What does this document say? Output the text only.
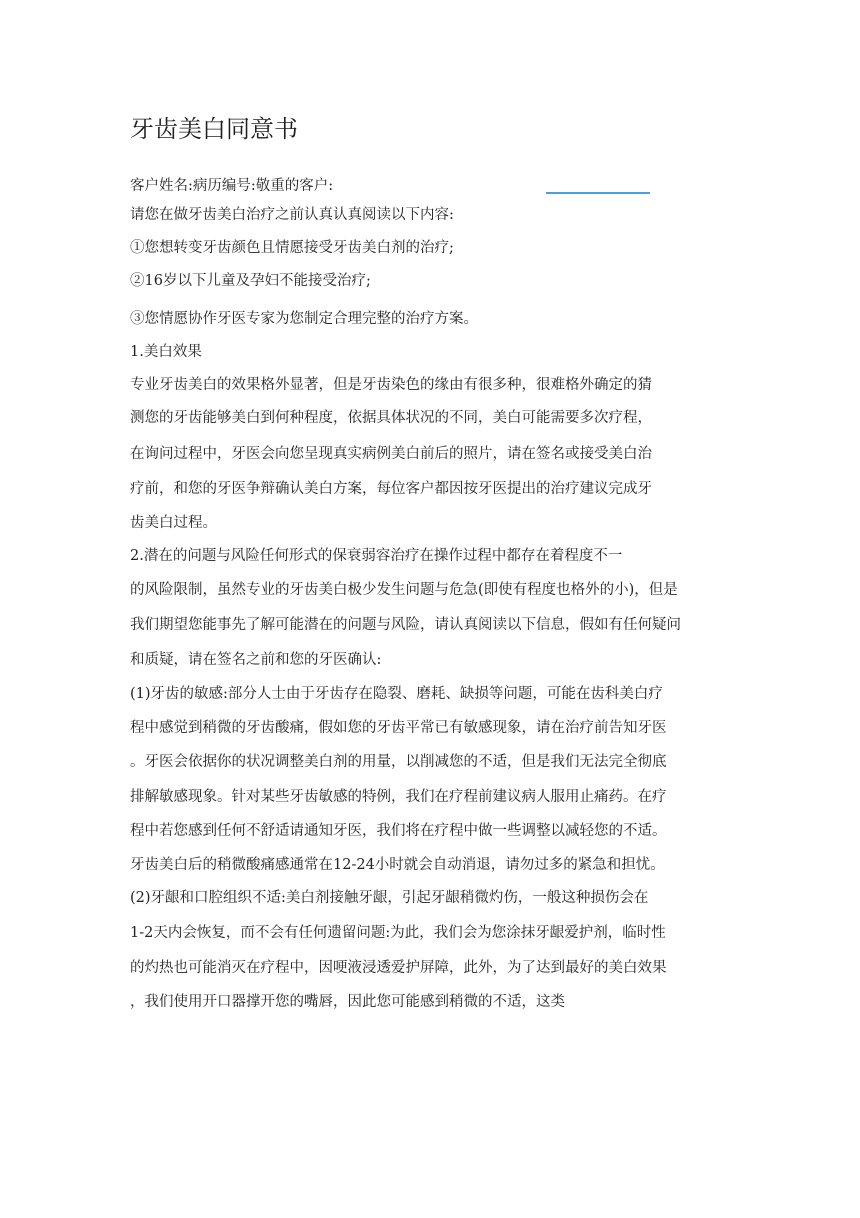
牙齿美白同意书
客户姓名:病历编号:敬重的客户:
请您在做牙齿美白治疗之前认真认真阅读以下内容:
①您想转变牙齿颜色且情愿接受牙齿美白剂的治疗;
②16岁以下儿童及孕妇不能接受治疗;
③您情愿协作牙医专家为您制定合理完整的治疗方案。
1.美白效果
专业牙齿美白的效果格外显著，但是牙齿染色的缘由有很多种，很难格外确定的猜
测您的牙齿能够美白到何种程度，依据具体状况的不同，美白可能需要多次疗程，
在询问过程中，牙医会向您呈现真实病例美白前后的照片，请在签名或接受美白治
疗前，和您的牙医争辩确认美白方案，每位客户都因按牙医提出的治疗建议完成牙
齿美白过程。
2.潜在的问题与风险任何形式的保衰弱容治疗在操作过程中都存在着程度不一
的风险限制，虽然专业的牙齿美白极少发生问题与危急(即使有程度也格外的小)，但是
我们期望您能事先了解可能潜在的问题与风险，请认真阅读以下信息，假如有任何疑问
和质疑，请在签名之前和您的牙医确认:
(1)牙齿的敏感:部分人士由于牙齿存在隐裂、磨耗、缺损等问题，可能在齿科美白疗
程中感觉到稍微的牙齿酸痛，假如您的牙齿平常已有敏感现象，请在治疗前告知牙医
。牙医会依据你的状况调整美白剂的用量，以削减您的不适，但是我们无法完全彻底
排解敏感现象。针对某些牙齿敏感的特例，我们在疗程前建议病人服用止痛药。在疗
程中若您感到任何不舒适请通知牙医，我们将在疗程中做一些调整以减轻您的不适。
牙齿美白后的稍微酸痛感通常在12-24小时就会自动消退，请勿过多的紧急和担忧。
(2)牙龈和口腔组织不适:美白剂接触牙龈，引起牙龈稍微灼伤，一般这种损伤会在
1-2天内会恢复，而不会有任何遗留问题:为此，我们会为您涂抹牙龈爱护剂，临时性
的灼热也可能消灭在疗程中，因哽液浸透爱护屏障，此外，为了达到最好的美白效果
，我们使用开口器撑开您的嘴唇，因此您可能感到稍微的不适，这类
